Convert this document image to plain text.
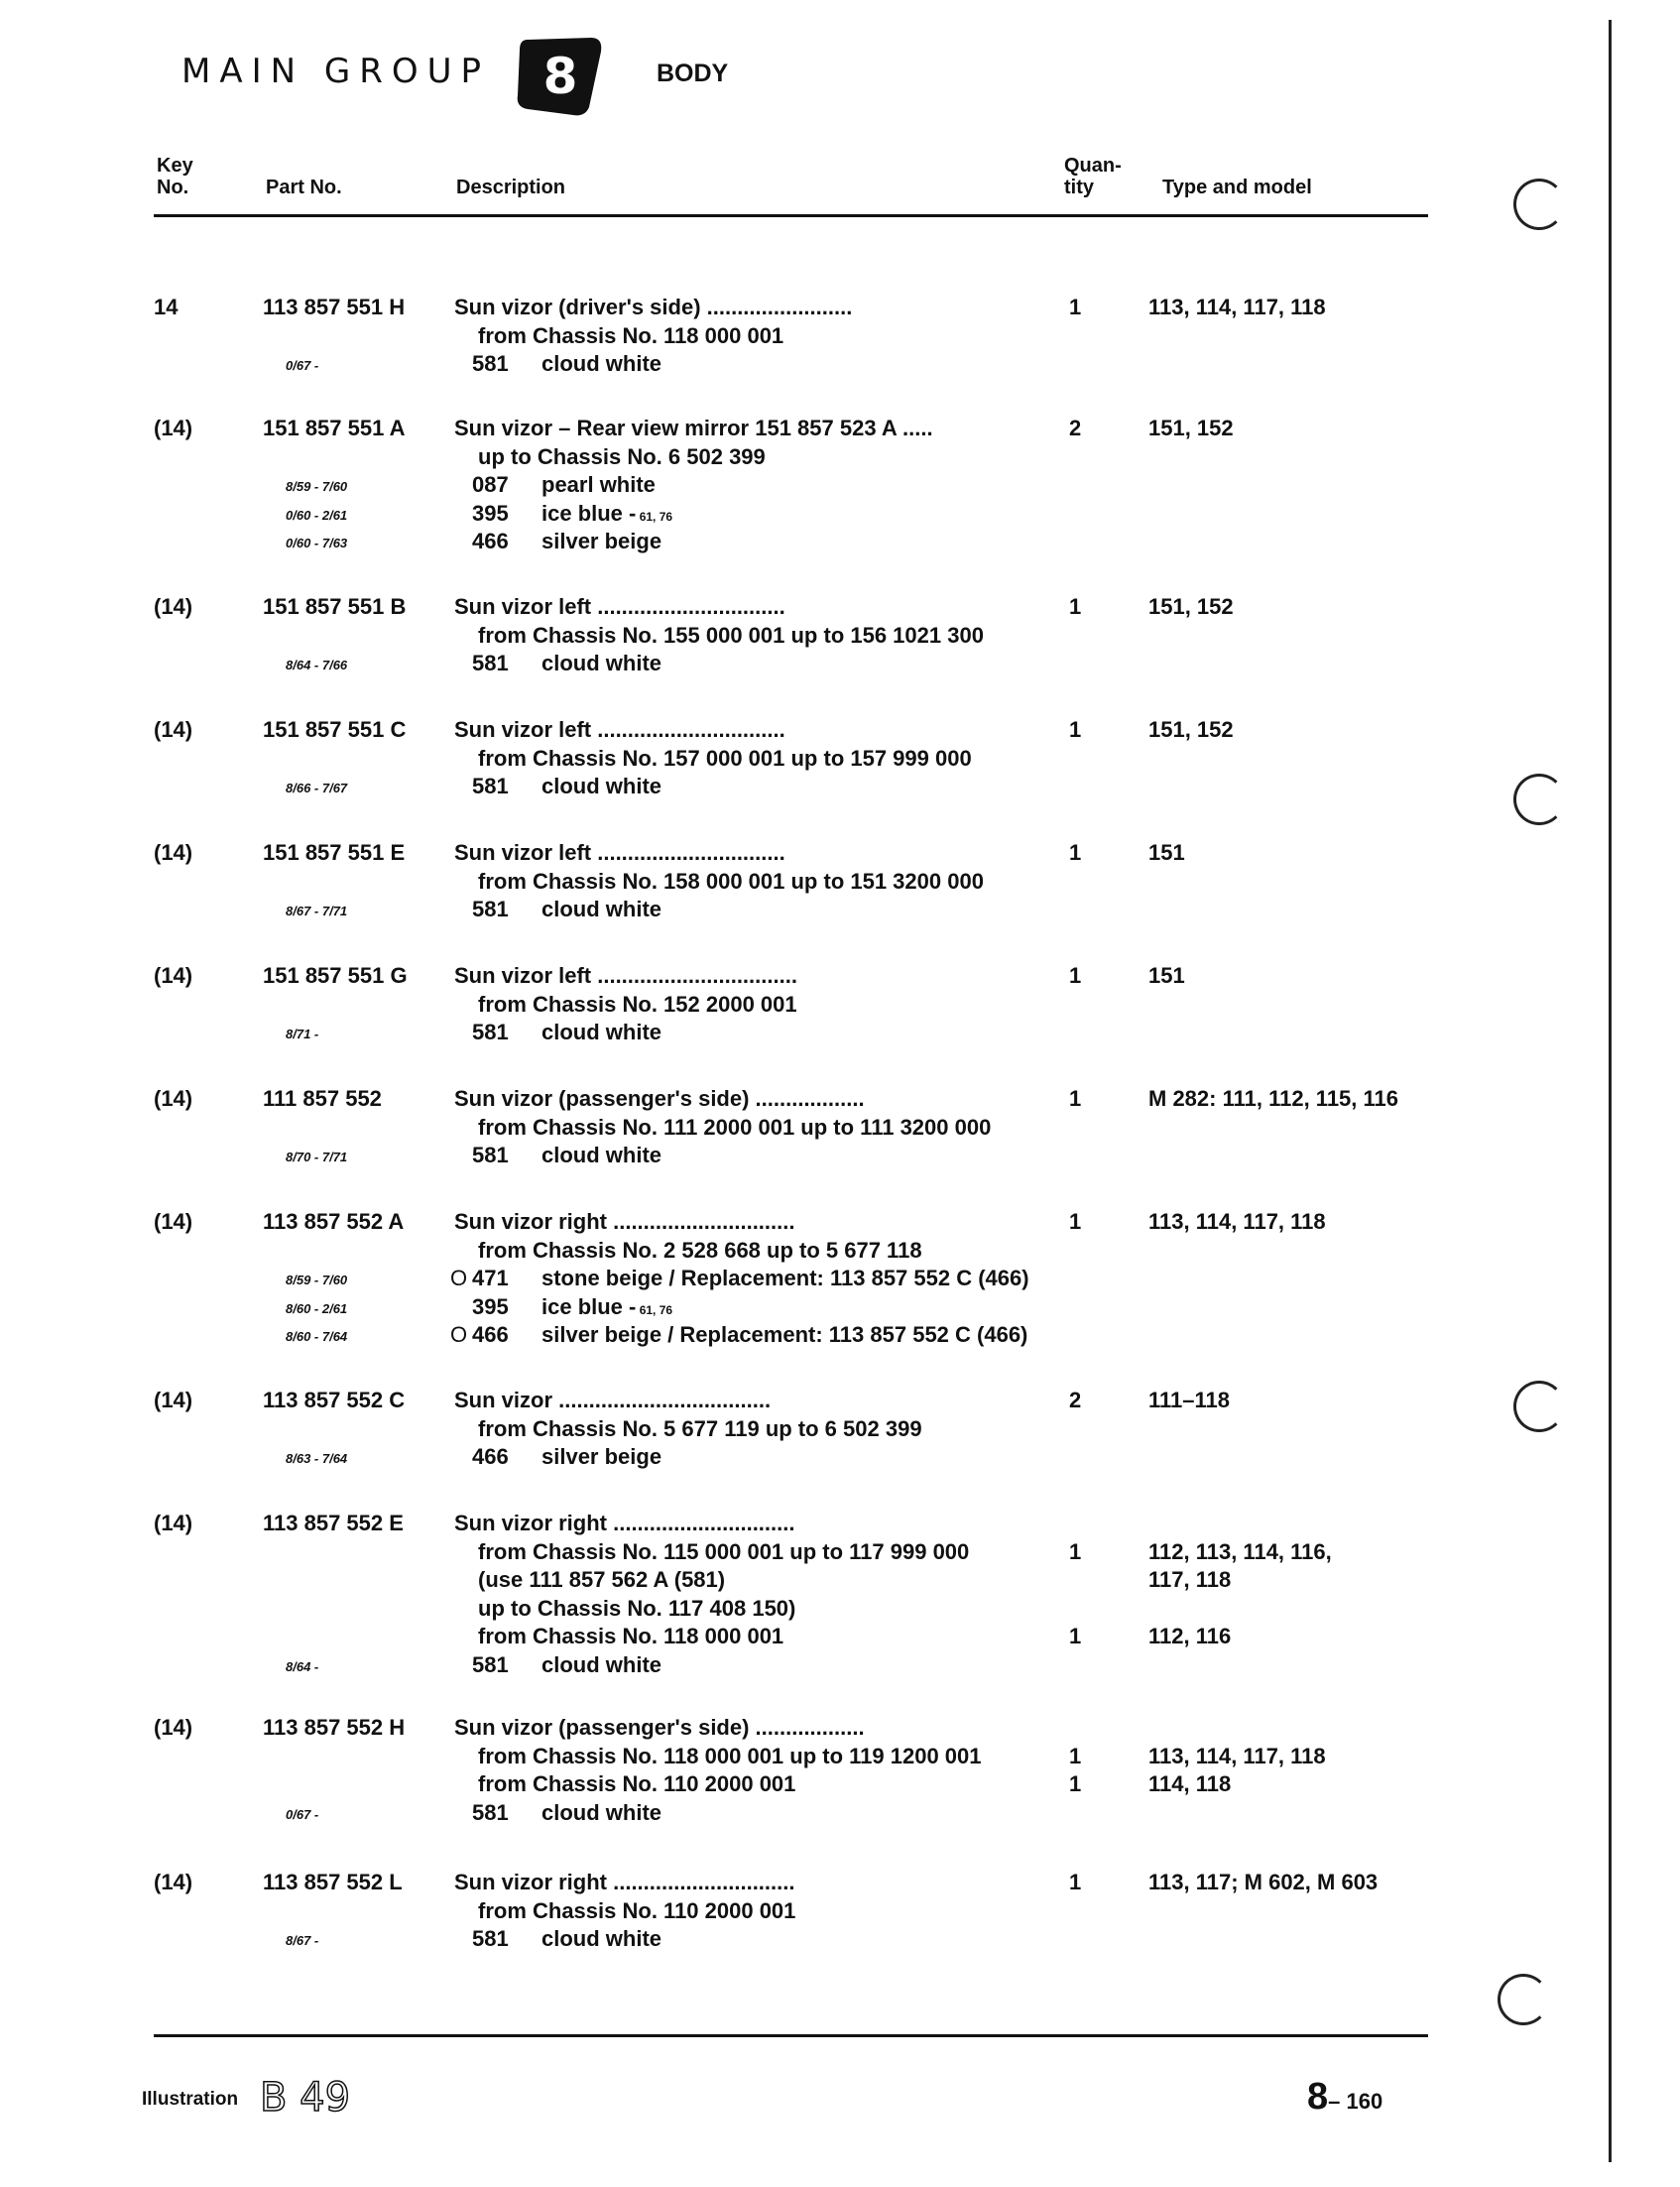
MAIN GROUP 8	BODY
Key
No.	Part No.	Description
Quan-
tity	Type and model
14	113 857 551 H Sun vizor (driver's side) ........................	1	113, 114, 117, 118
from Chassis No. 118 000 001
0/67 -	581 cloud white
(14)	151 857 551 A Sun vizor – Rear view mirror 151 857 523 A .....	2	151, 152
up to Chassis No. 6 502 399
8/59 - 7/60	087 pearl white
0/60 - 2/61	395 ice blue - 61, 76
0/60 - 7/63	466 silver beige
(14)	151 857 551 B Sun vizor left ...............................	1	151, 152
from Chassis No. 155 000 001 up to 156 1021 300
8/64 - 7/66	581 cloud white
(14)	151 857 551 C Sun vizor left ...............................	1	151, 152
from Chassis No. 157 000 001 up to 157 999 000
8/66 - 7/67	581 cloud white
(14)	151 857 551 E Sun vizor left ...............................	1	151
from Chassis No. 158 000 001 up to 151 3200 000
8/67 - 7/71	581 cloud white
(14)	151 857 551 G Sun vizor left .................................	1	151
from Chassis No. 152 2000 001
8/71 -	581 cloud white
(14)	111 857 552	Sun vizor (passenger's side) ..................	1	M 282: 111, 112, 115, 116
from Chassis No. 111 2000 001 up to 111 3200 000
8/70 - 7/71	581 cloud white
(14)	113 857 552 A Sun vizor right ..............................	1	113, 114, 117, 118
from Chassis No. 2 528 668 up to 5 677 118
8/59 - 7/60	O 471 stone beige / Replacement: 113 857 552 C (466)
8/60 - 2/61	395 ice blue - 61, 76
8/60 - 7/64	O 466 silver beige / Replacement: 113 857 552 C (466)
(14)	113 857 552 C Sun vizor ...................................	2	111–118
from Chassis No. 5 677 119 up to 6 502 399
8/63 - 7/64	466 silver beige
(14)	113 857 552 E Sun vizor right ..............................
from Chassis No. 115 000 001 up to 117 999 000	1	112, 113, 114, 116,
(use 111 857 562 A (581)	117, 118
up to Chassis No. 117 408 150)
from Chassis No. 118 000 001	1	112, 116
8/64 -	581 cloud white
(14)	113 857 552 H Sun vizor (passenger's side) ..................
from Chassis No. 118 000 001 up to 119 1200 001	1	113, 114, 117, 118
from Chassis No. 110 2000 001	1	114, 118
0/67 -	581 cloud white
(14)	113 857 552 L Sun vizor right ..............................	1	113, 117; M 602, M 603
from Chassis No. 110 2000 001
8/67 -	581 cloud white
Illustration B 49	8– 160
